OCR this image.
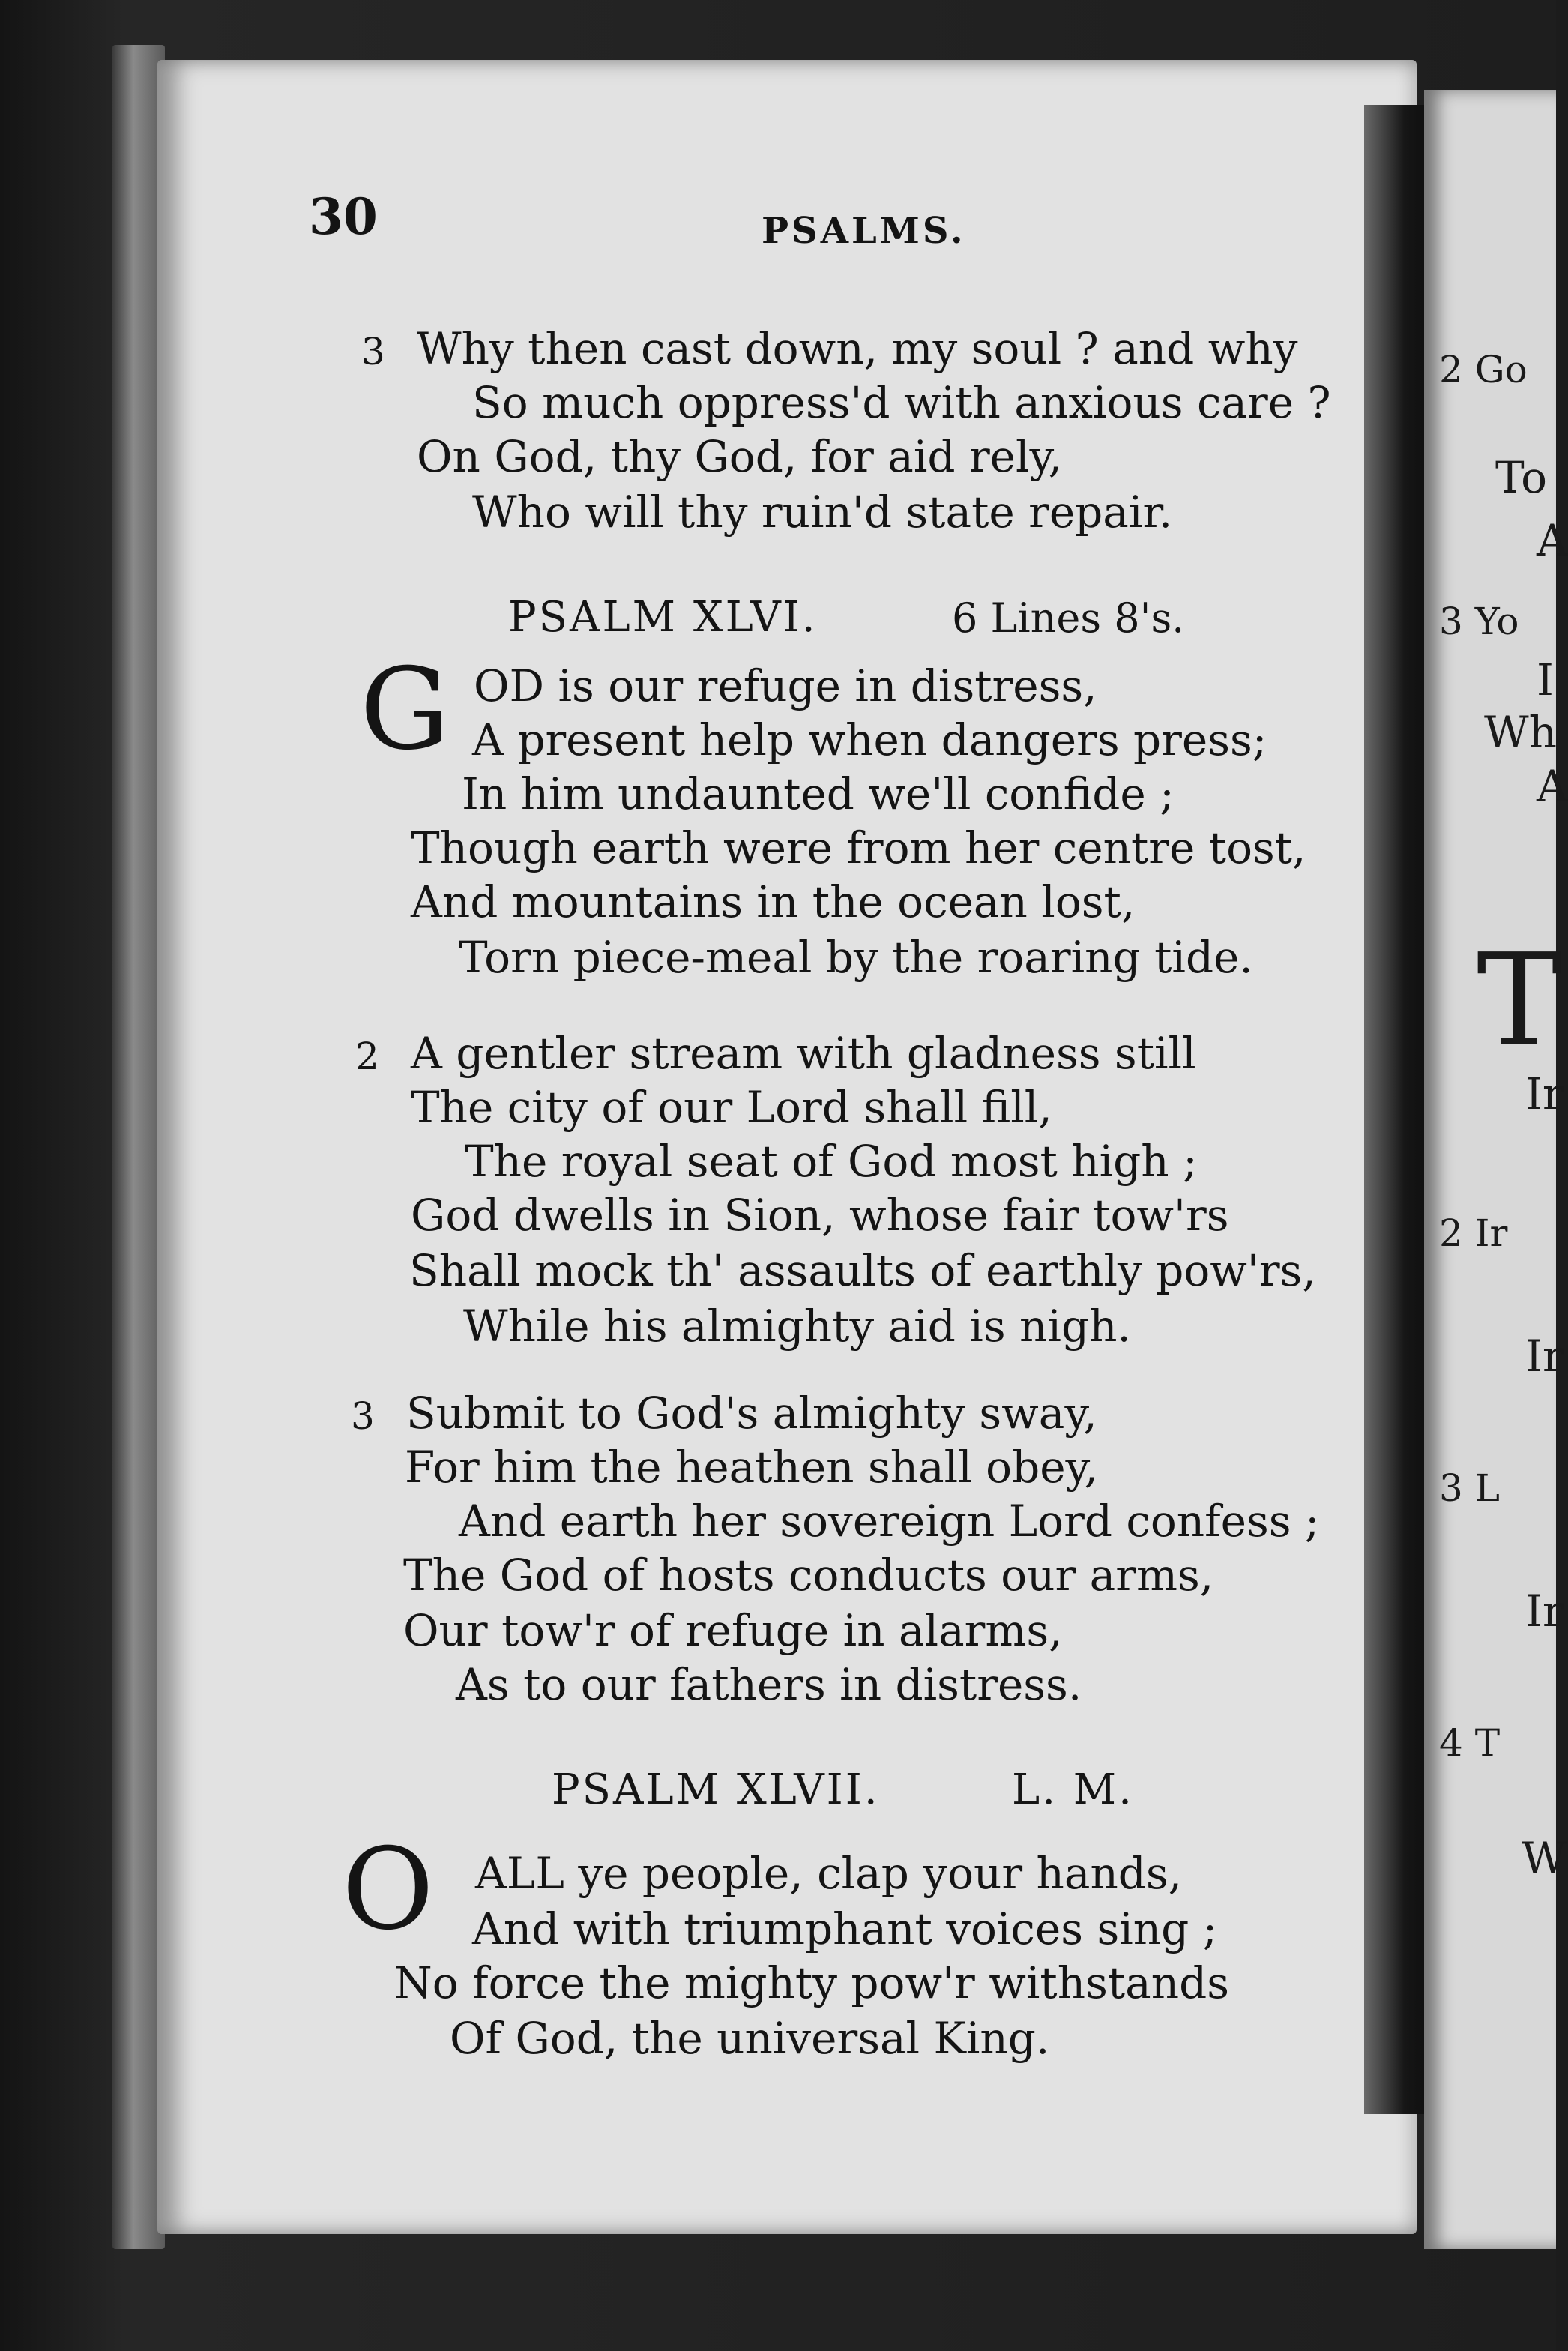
2 Go
To
A
3 Yo
I
Wh
A
T
Ir
2 Ir
Ir
3 L
Ir
4 T
W
30	PSALMS.
3 Why then cast down, my soul ? and why
So much oppress'd with anxious care ?
On God, thy God, for aid rely,
Who will thy ruin'd state repair.
PSALM XLVI.	6 Lines 8's.
G OD is our refuge in distress,
A present help when dangers press;
In him undaunted we'll confide ;
Though earth were from her centre tost,
And mountains in the ocean lost,
Torn piece-meal by the roaring tide.
2 A gentler stream with gladness still
The city of our Lord shall fill,
The royal seat of God most high ;
God dwells in Sion, whose fair tow'rs
Shall mock th' assaults of earthly pow'rs,
While his almighty aid is nigh.
3 Submit to God's almighty sway,
For him the heathen shall obey,
And earth her sovereign Lord confess ;
The God of hosts conducts our arms,
Our tow'r of refuge in alarms,
As to our fathers in distress.
PSALM XLVII.	L. M.
O ALL ye people, clap your hands,
And with triumphant voices sing ;
No force the mighty pow'r withstands
Of God, the universal King.
